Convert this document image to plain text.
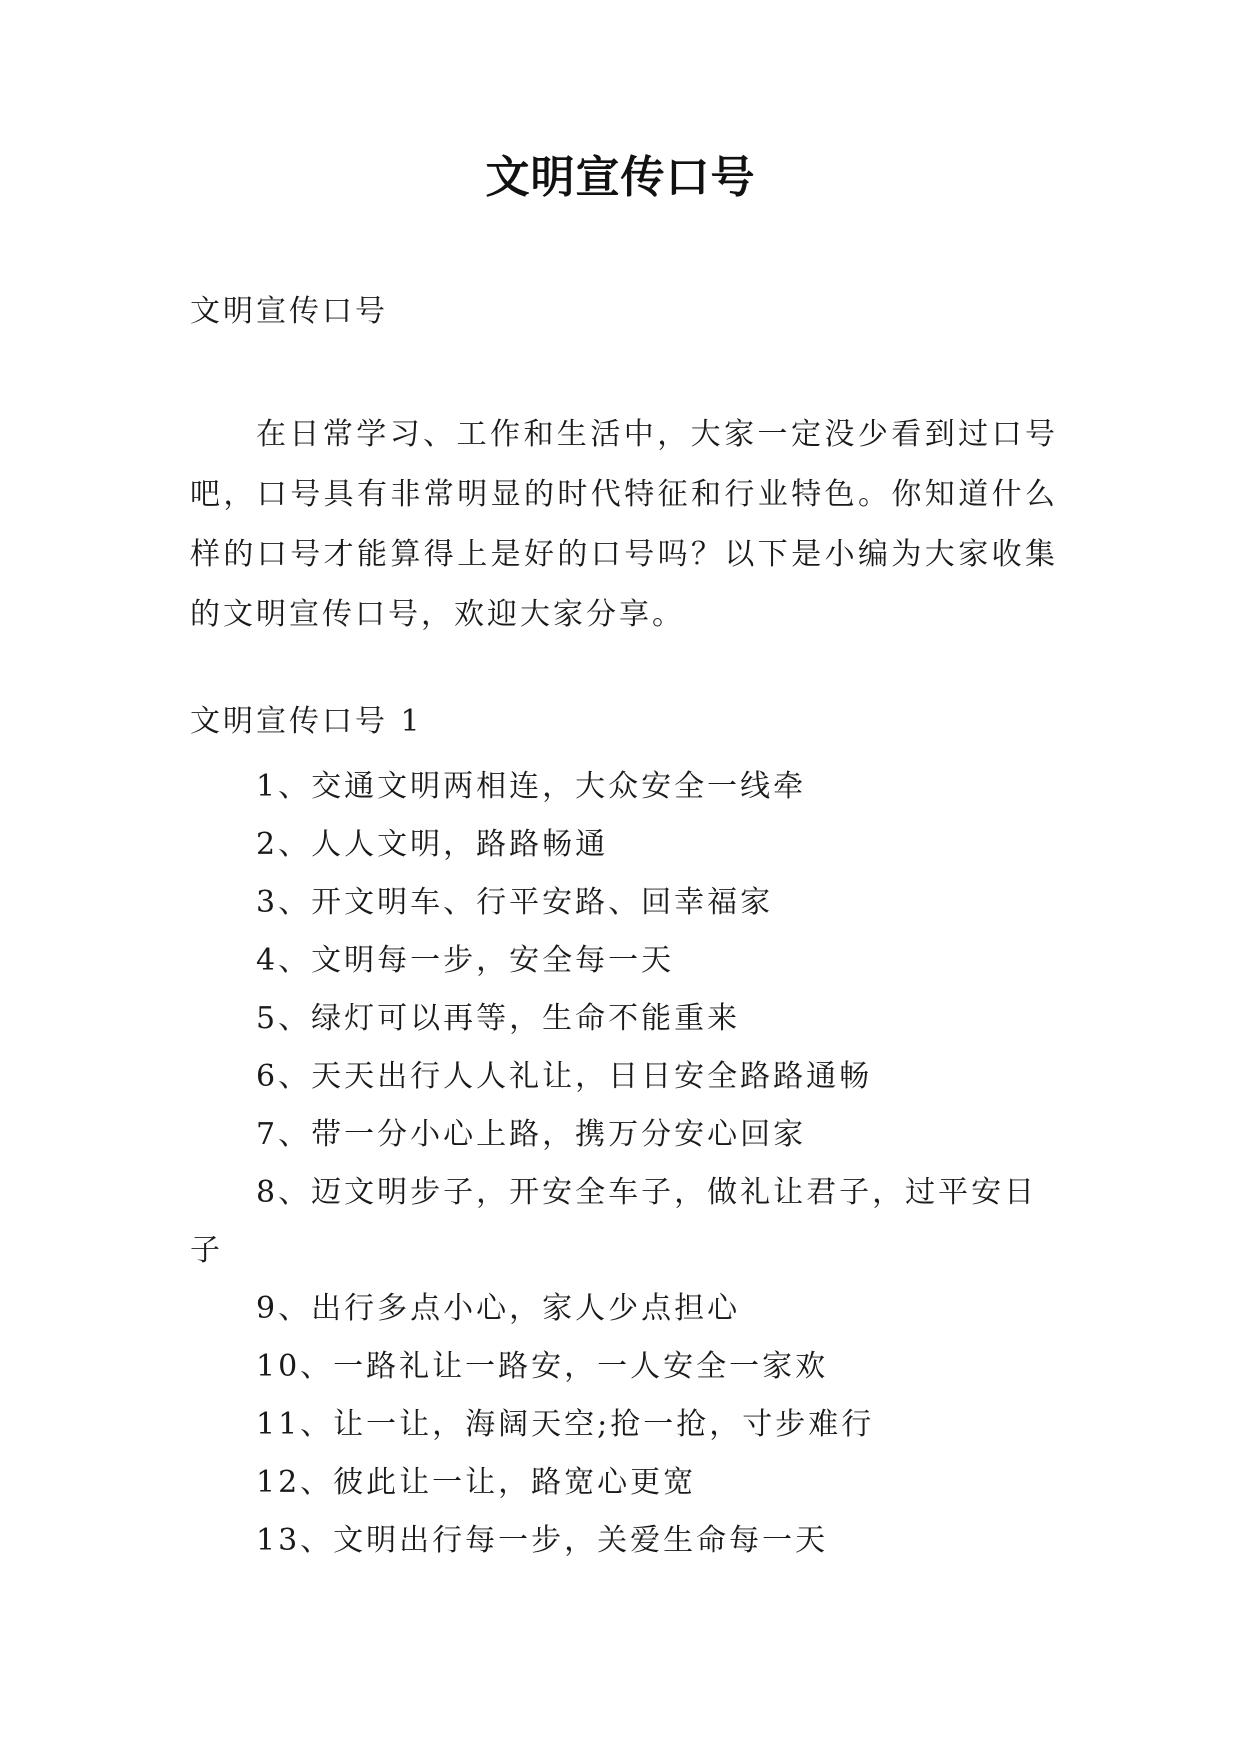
文明宣传口号
文明宣传口号

在日常学习、工作和生活中，大家一定没少看到过口号吧，口号具有非常明显的时代特征和行业特色。你知道什么样的口号才能算得上是好的口号吗？以下是小编为大家收集的文明宣传口号，欢迎大家分享。

文明宣传口号 1
1、交通文明两相连，大众安全一线牵
2、人人文明，路路畅通
3、开文明车、行平安路、回幸福家
4、文明每一步，安全每一天
5、绿灯可以再等，生命不能重来
6、天天出行人人礼让，日日安全路路通畅
7、带一分小心上路，携万分安心回家
8、迈文明步子，开安全车子，做礼让君子，过平安日子
9、出行多点小心，家人少点担心
10、一路礼让一路安，一人安全一家欢
11、让一让，海阔天空;抢一抢，寸步难行
12、彼此让一让，路宽心更宽
13、文明出行每一步，关爱生命每一天
